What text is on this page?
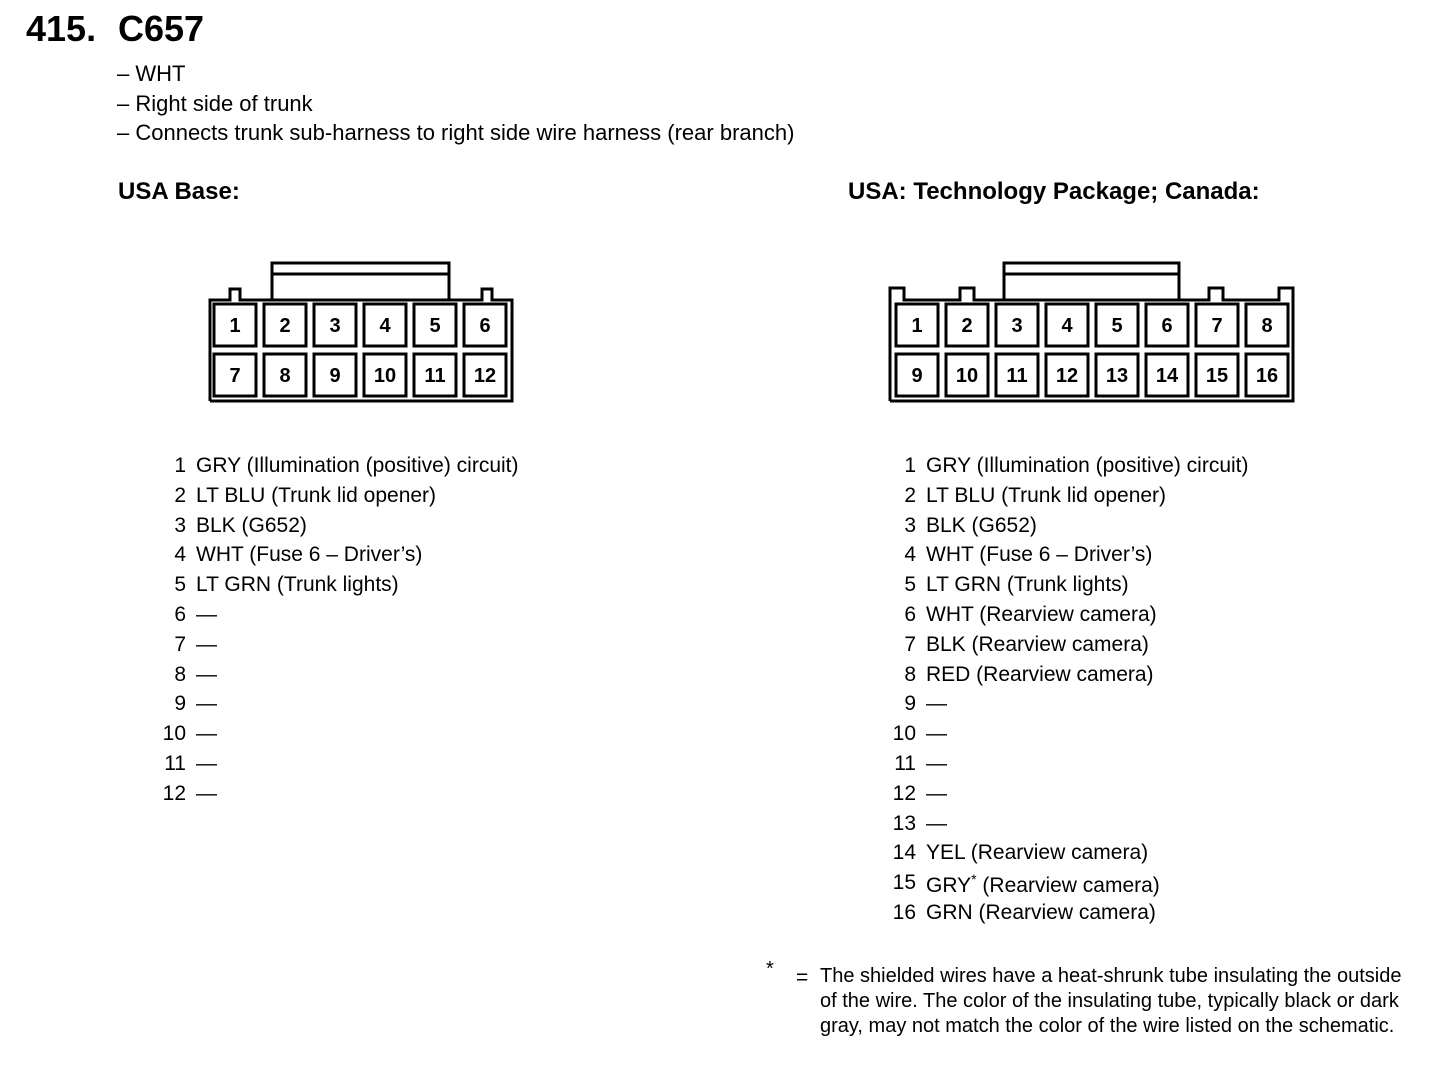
415. C657
– WHT
– Right side of trunk
– Connects trunk sub-harness to right side wire harness (rear branch)
USA Base:	USA: Technology Package; Canada:
1 2 3 4 5 6
7 8 9 10 11 12
1 2 3 4 5 6 7 8
9 10 11 12 13 14 15 16
1 GRY (Illumination (positive) circuit)
2 LT BLU (Trunk lid opener)
3 BLK (G652)
4 WHT (Fuse 6 – Driver’s)
5 LT GRN (Trunk lights)
6 —
7 —
8 —
9 —
10 —
11 —
12 —
1 GRY (Illumination (positive) circuit)
2 LT BLU (Trunk lid opener)
3 BLK (G652)
4 WHT (Fuse 6 – Driver’s)
5 LT GRN (Trunk lights)
6 WHT (Rearview camera)
7 BLK (Rearview camera)
8 RED (Rearview camera)
9 —
10 —
11 —
12 —
13 —
14 YEL (Rearview camera)
15 GRY* (Rearview camera)
16 GRN (Rearview camera)
* = The shielded wires have a heat-shrunk tube insulating the outside of the wire. The color of the insulating tube, typically black or dark gray, may not match the color of the wire listed on the schematic.
